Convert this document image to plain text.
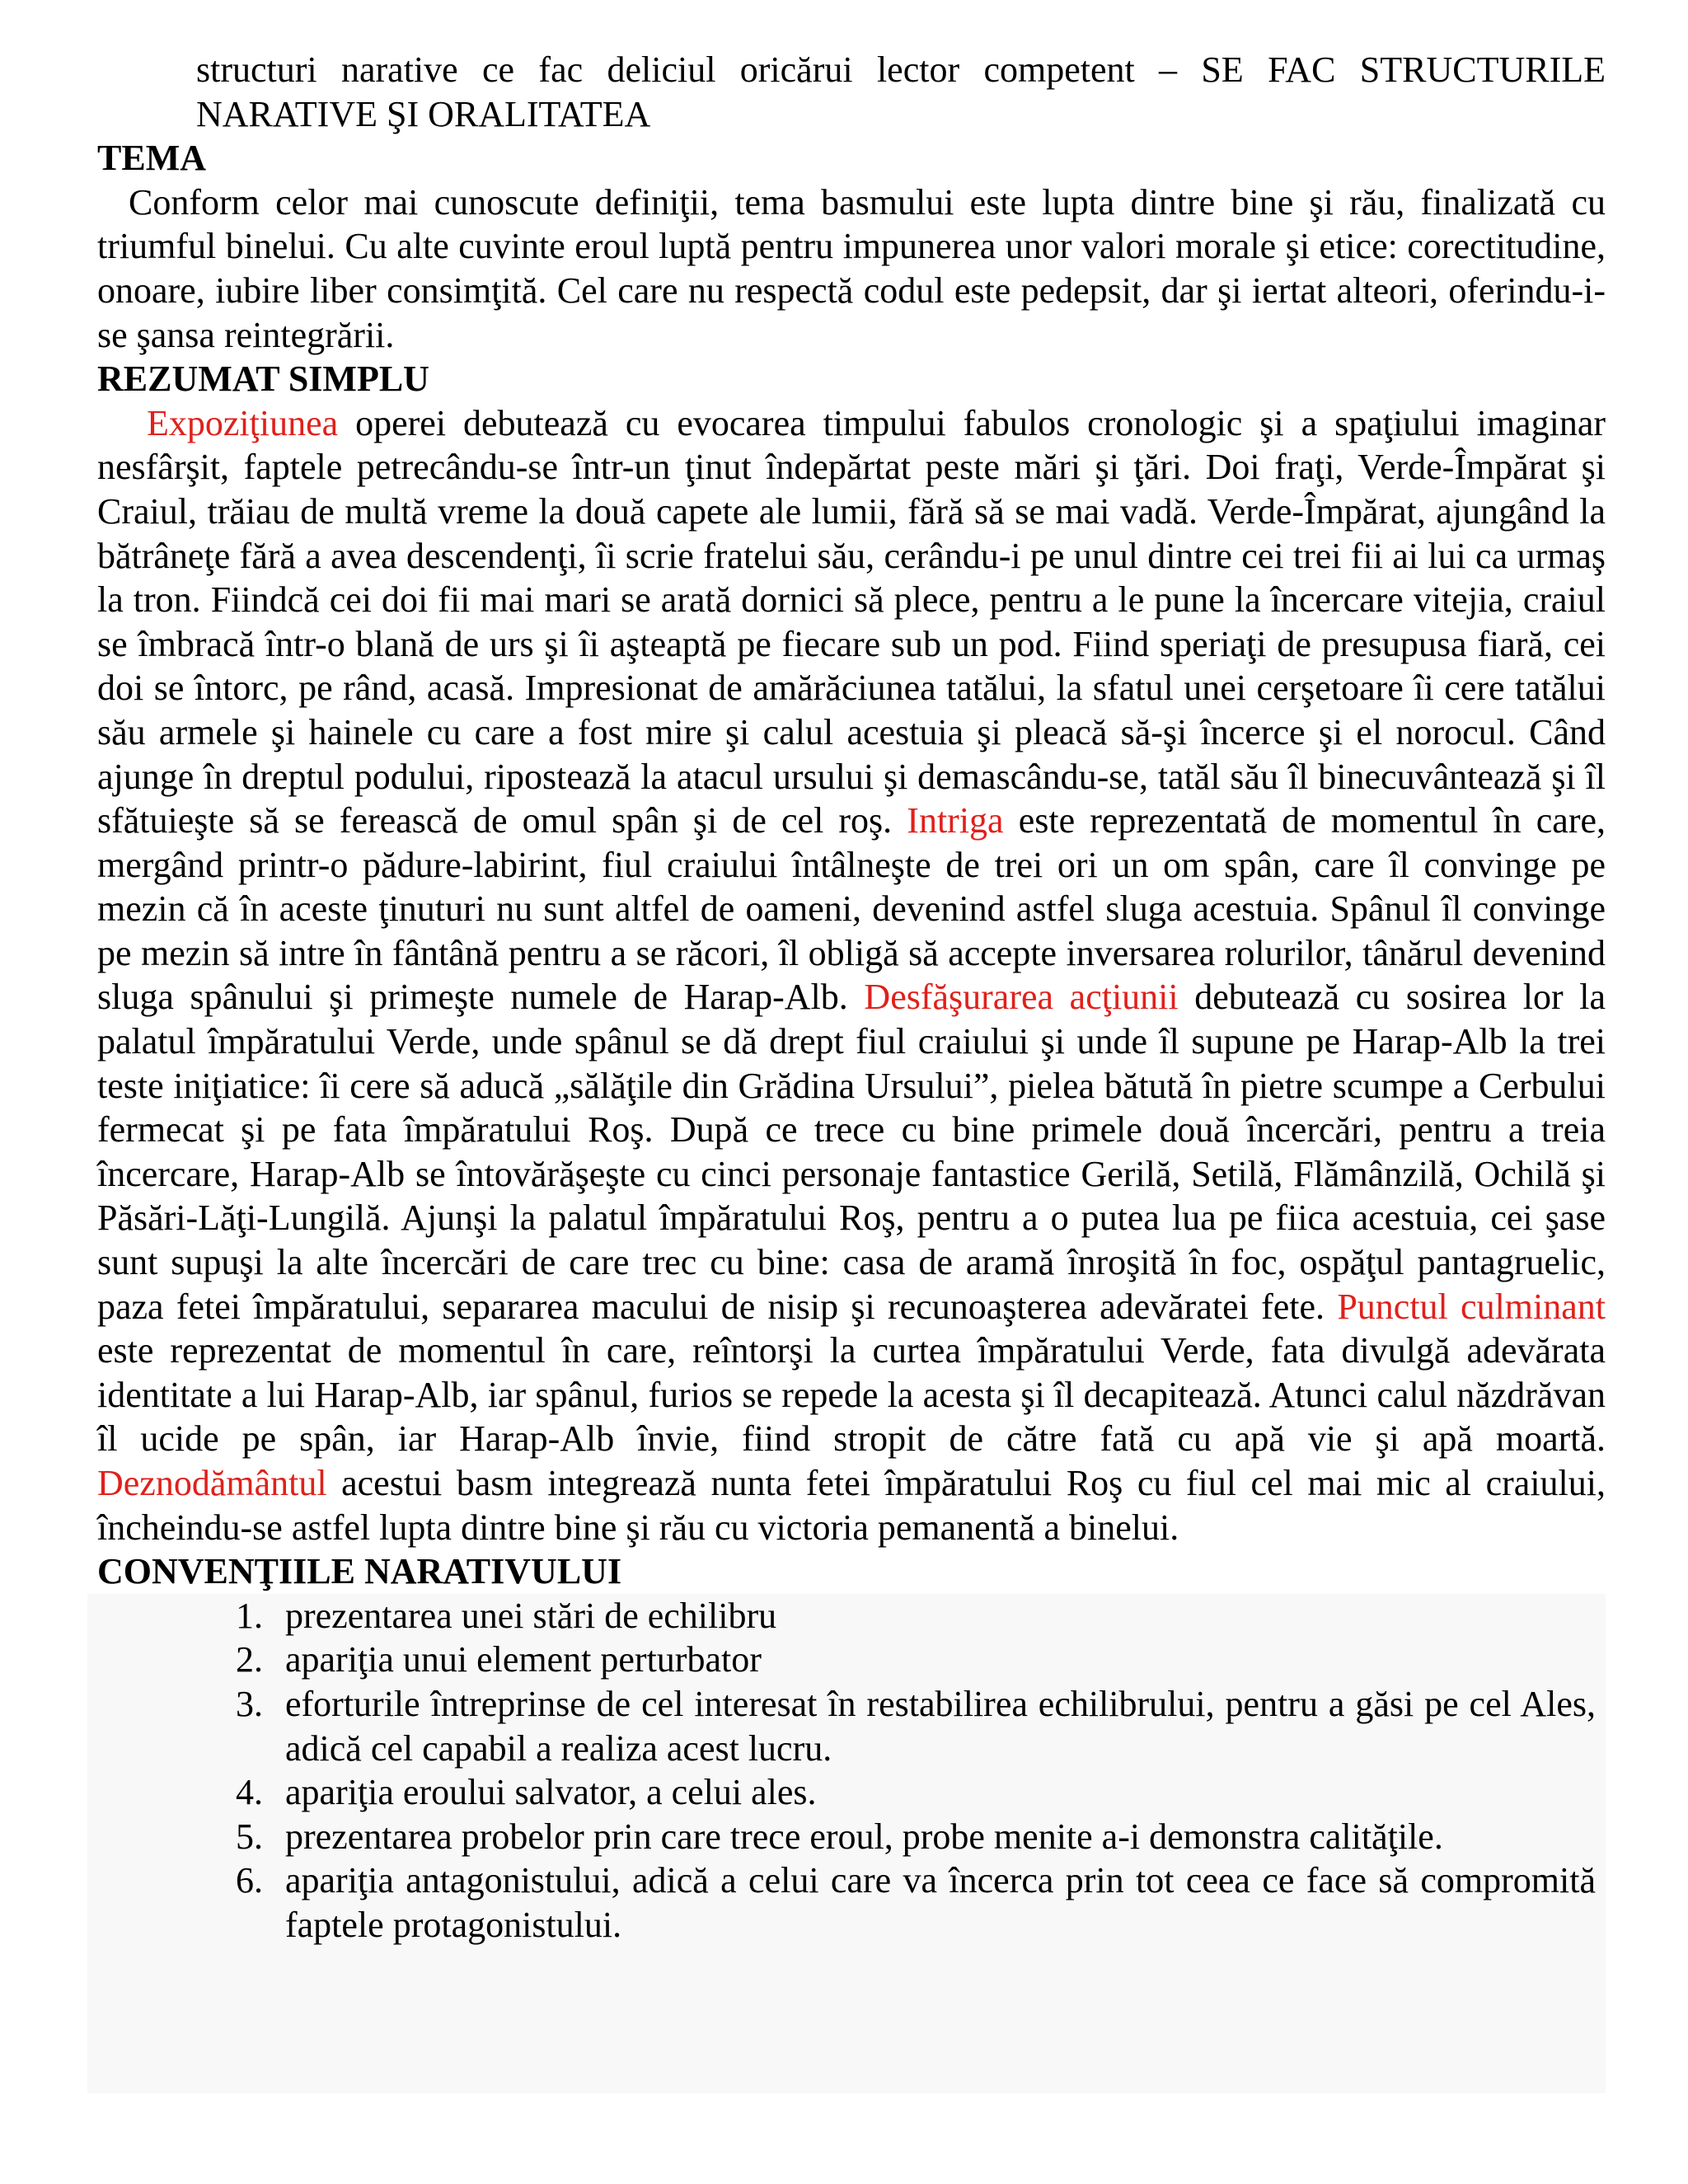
structuri narative ce fac deliciul oricărui lector competent – SE FAC STRUCTURILE NARATIVE ŞI ORALITATEA
TEMA
Conform celor mai cunoscute definiţii, tema basmului este lupta dintre bine şi rău, finalizată cu triumful binelui. Cu alte cuvinte eroul luptă pentru impunerea unor valori morale şi etice: corectitudine, onoare, iubire liber consimţită. Cel care nu respectă codul este pedepsit, dar şi iertat alteori, oferindu-i-se şansa reintegrării.
REZUMAT SIMPLU
Expoziţiunea operei debutează cu evocarea timpului fabulos cronologic şi a spaţiului imaginar nesfârşit, faptele petrecându-se într-un ţinut îndepărtat peste mări şi ţări. Doi fraţi, Verde-Împărat şi Craiul, trăiau de multă vreme la două capete ale lumii, fără să se mai vadă. Verde-Împărat, ajungând la bătrâneţe fără a avea descendenţi, îi scrie fratelui său, cerându-i pe unul dintre cei trei fii ai lui ca urmaş la tron. Fiindcă cei doi fii mai mari se arată dornici să plece, pentru a le pune la încercare vitejia, craiul se îmbracă într-o blană de urs şi îi aşteaptă pe fiecare sub un pod. Fiind speriaţi de presupusa fiară, cei doi se întorc, pe rând, acasă. Impresionat de amărăciunea tatălui, la sfatul unei cerşetoare îi cere tatălui său armele şi hainele cu care a fost mire şi calul acestuia şi pleacă să-şi încerce şi el norocul. Când ajunge în dreptul podului, ripostează la atacul ursului şi demascându-se, tatăl său îl binecuvântează şi îl sfătuieşte să se ferească de omul spân şi de cel roş. Intriga este reprezentată de momentul în care, mergând printr-o pădure-labirint, fiul craiului întâlneşte de trei ori un om spân, care îl convinge pe mezin că în aceste ţinuturi nu sunt altfel de oameni, devenind astfel sluga acestuia. Spânul îl convinge pe mezin să intre în fântână pentru a se răcori, îl obligă să accepte inversarea rolurilor, tânărul devenind sluga spânului şi primeşte numele de Harap-Alb. Desfăşurarea acţiunii debutează cu sosirea lor la palatul împăratului Verde, unde spânul se dă drept fiul craiului şi unde îl supune pe Harap-Alb la trei teste iniţiatice: îi cere să aducă „sălăţile din Grădina Ursului”, pielea bătută în pietre scumpe a Cerbului fermecat şi pe fata împăratului Roş. După ce trece cu bine primele două încercări, pentru a treia încercare, Harap-Alb se întovărăşeşte cu cinci personaje fantastice Gerilă, Setilă, Flămânzilă, Ochilă şi Păsări-Lăţi-Lungilă. Ajunşi la palatul împăratului Roş, pentru a o putea lua pe fiica acestuia, cei şase sunt supuşi la alte încercări de care trec cu bine: casa de aramă înroşită în foc, ospăţul pantagruelic, paza fetei împăratului, separarea macului de nisip şi recunoaşterea adevăratei fete. Punctul culminant este reprezentat de momentul în care, reîntorşi la curtea împăratului Verde, fata divulgă adevărata identitate a lui Harap-Alb, iar spânul, furios se repede la acesta şi îl decapitează. Atunci calul năzdrăvan îl ucide pe spân, iar Harap-Alb învie, fiind stropit de către fată cu apă vie şi apă moartă. Deznodământul acestui basm integrează nunta fetei împăratului Roş cu fiul cel mai mic al craiului, încheindu-se astfel lupta dintre bine şi rău cu victoria pemanentă a binelui.
CONVENŢIILE NARATIVULUI
1. prezentarea unei stări de echilibru
2. apariţia unui element perturbator
3. eforturile întreprinse de cel interesat în restabilirea echilibrului, pentru a găsi pe cel Ales, adică cel capabil a realiza acest lucru.
4. apariţia eroului salvator, a celui ales.
5. prezentarea probelor prin care trece eroul, probe menite a-i demonstra calităţile.
6. apariţia antagonistului, adică a celui care va încerca prin tot ceea ce face să compromită faptele protagonistului.
